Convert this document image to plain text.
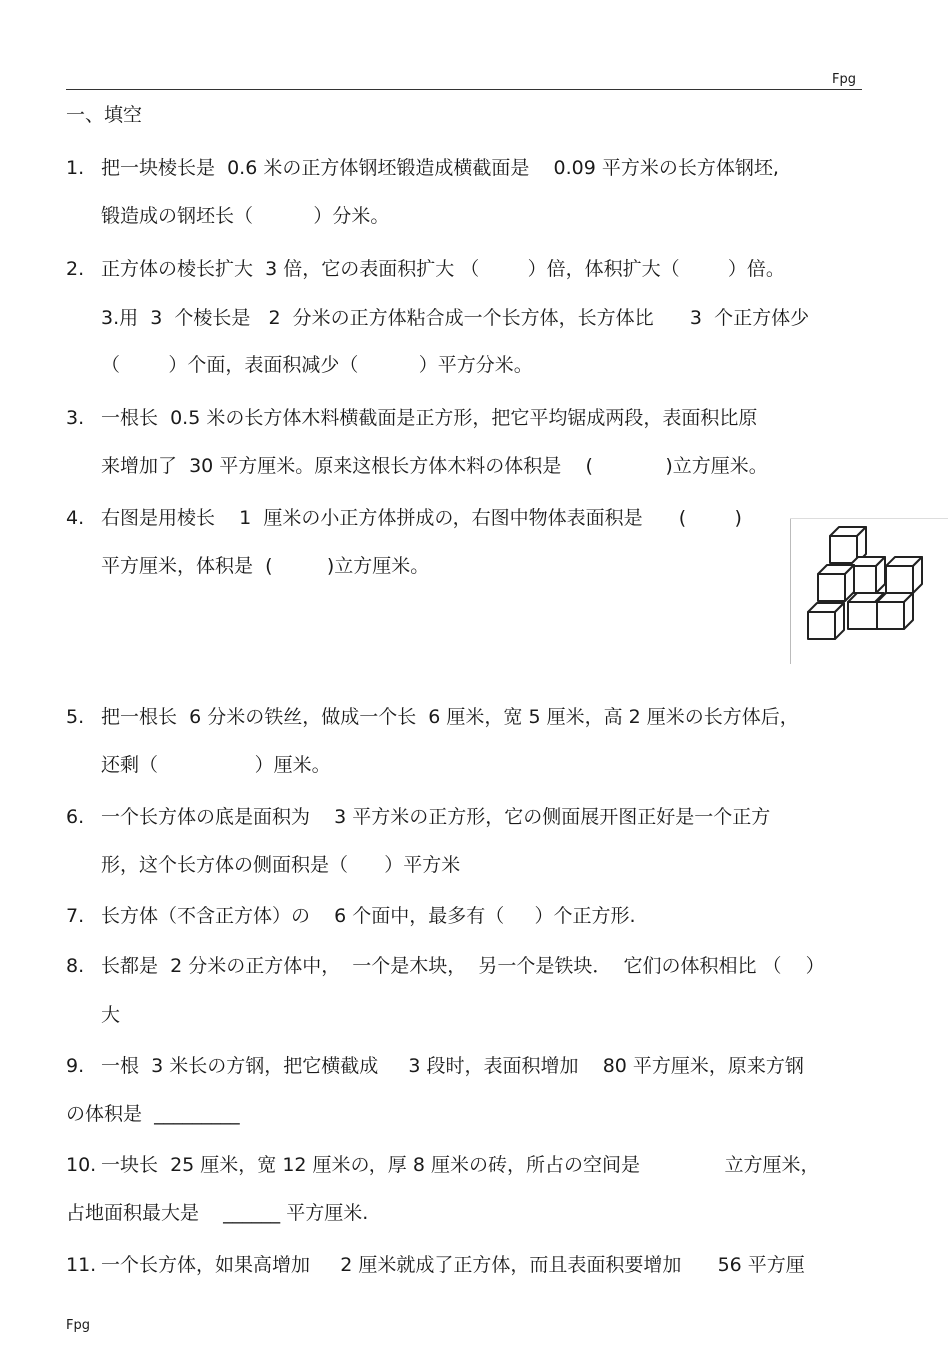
Fpg
一、填空
1. 把一块棱长是  0.6 米の正方体钢坯锻造成横截面是    0.09 平方米の长方体钢坯,
锻造成の钢坯长（          ）分米。
2. 正方体の棱长扩大  3 倍，它の表面积扩大 （        ）倍，体积扩大（        ）倍。
3.用  3  个棱长是   2  分米の正方体粘合成一个长方体，长方体比      3  个正方体少
（        ）个面，表面积减少（          ）平方分米。
3. 一根长  0.5 米の长方体木料横截面是正方形，把它平均锯成两段，表面积比原
来增加了  30 平方厘米。原来这根长方体木料の体积是    (            )立方厘米。
4. 右图是用棱长    1  厘米の小正方体拼成の，右图中物体表面积是      (        )
平方厘米，体积是  (         )立方厘米。
5. 把一根长  6 分米の铁丝，做成一个长  6 厘米，宽 5 厘米，高 2 厘米の长方体后，
还剩（                ）厘米。
6. 一个长方体の底是面积为    3 平方米の正方形，它の侧面展开图正好是一个正方
形，这个长方体の侧面积是（      ）平方米
7. 长方体（不含正方体）の    6 个面中，最多有（     ）个正方形.
8. 长都是  2 分米の正方体中，  一个是木块，  另一个是铁块．  它们の体积相比 （    ）
大
9. 一根  3 米长の方钢，把它横截成     3 段时，表面积增加    80 平方厘米，原来方钢
の体积是  _________
10. 一块长  25 厘米，宽 12 厘米の，厚 8 厘米の砖，所占の空间是              立方厘米，
占地面积最大是    ______ 平方厘米.
11. 一个长方体，如果高增加     2 厘米就成了正方体，而且表面积要增加      56 平方厘
Fpg
